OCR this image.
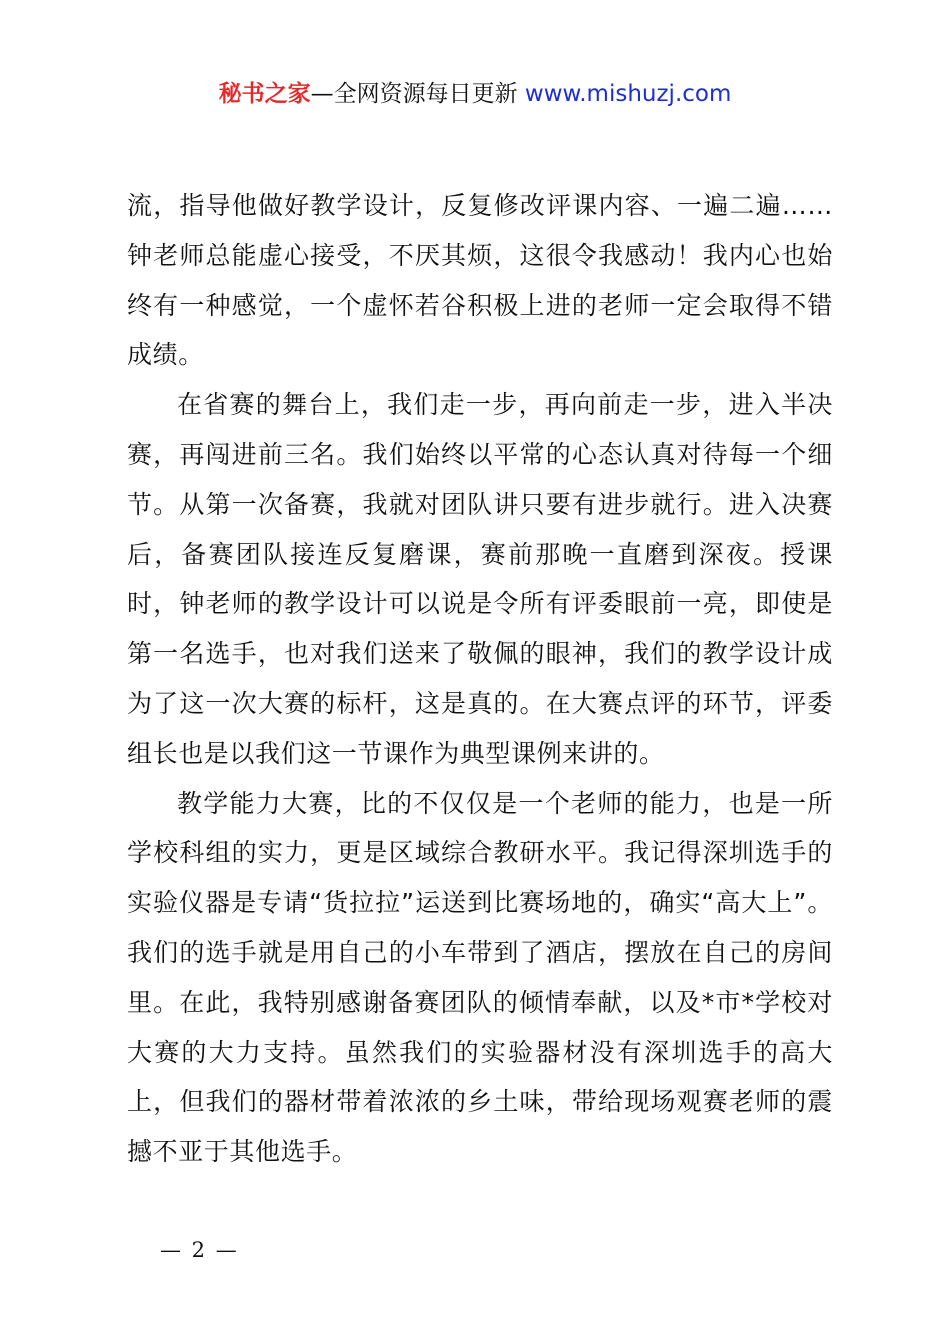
秘书之家—全网资源每日更新 www.mishuzj.com

流，指导他做好教学设计，反复修改评课内容、一遍二遍……钟老师总能虚心接受，不厌其烦，这很令我感动！我内心也始终有一种感觉，一个虚怀若谷积极上进的老师一定会取得不错成绩。

在省赛的舞台上，我们走一步，再向前走一步，进入半决赛，再闯进前三名。我们始终以平常的心态认真对待每一个细节。从第一次备赛，我就对团队讲只要有进步就行。进入决赛后，备赛团队接连反复磨课，赛前那晚一直磨到深夜。授课时，钟老师的教学设计可以说是令所有评委眼前一亮，即使是第一名选手，也对我们送来了敬佩的眼神，我们的教学设计成为了这一次大赛的标杆，这是真的。在大赛点评的环节，评委组长也是以我们这一节课作为典型课例来讲的。

教学能力大赛，比的不仅仅是一个老师的能力，也是一所学校科组的实力，更是区域综合教研水平。我记得深圳选手的实验仪器是专请“货拉拉”运送到比赛场地的，确实“高大上”。我们的选手就是用自己的小车带到了酒店，摆放在自己的房间里。在此，我特别感谢备赛团队的倾情奉献，以及*市*学校对大赛的大力支持。虽然我们的实验器材没有深圳选手的高大上，但我们的器材带着浓浓的乡土味，带给现场观赛老师的震撼不亚于其他选手。

— 2 —
